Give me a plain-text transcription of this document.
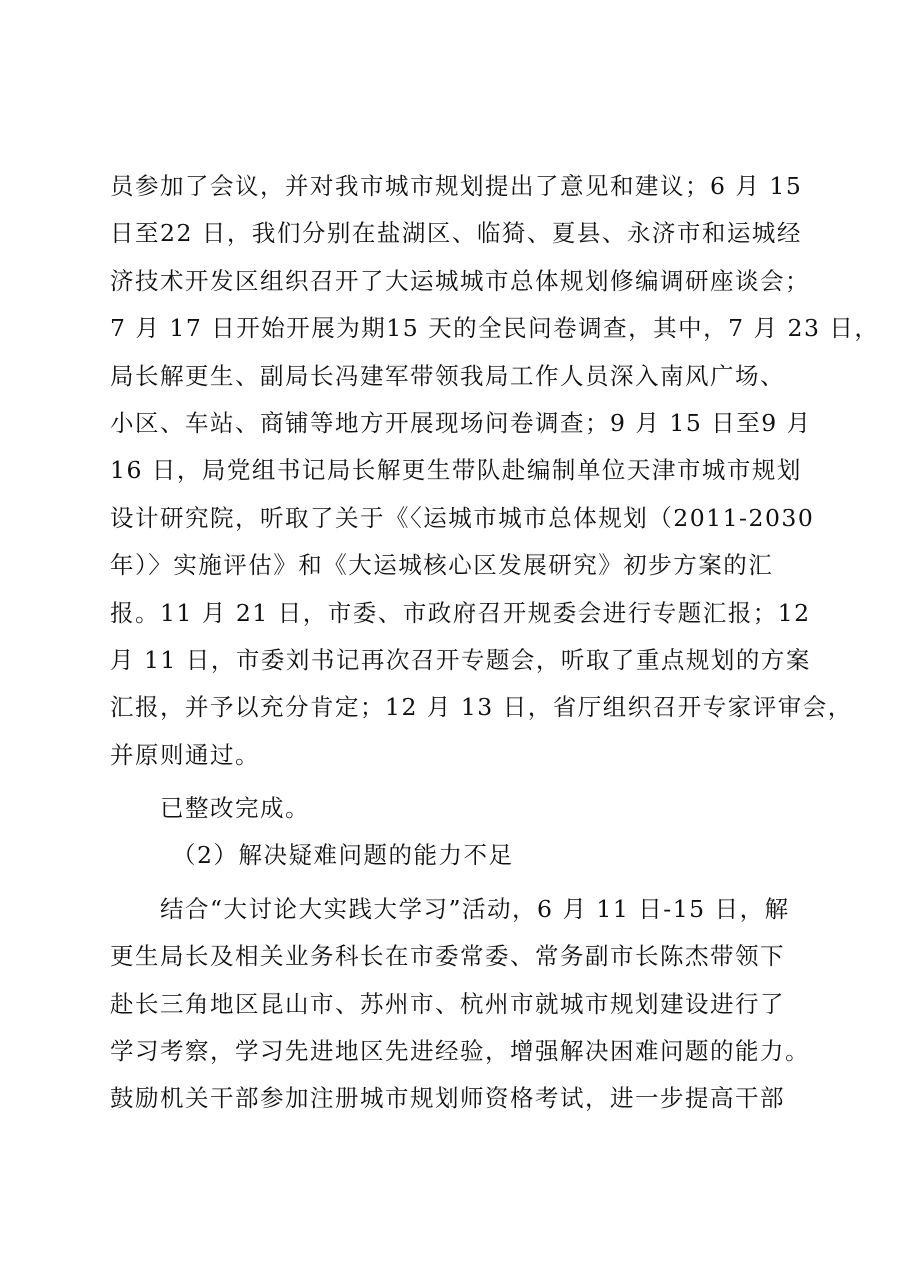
员参加了会议，并对我市城市规划提出了意见和建议；6 月 15
日至22 日，我们分别在盐湖区、临猗、夏县、永济市和运城经
济技术开发区组织召开了大运城城市总体规划修编调研座谈会；
7 月 17 日开始开展为期15 天的全民问卷调查，其中，7 月 23 日，
局长解更生、副局长冯建军带领我局工作人员深入南风广场、
小区、车站、商铺等地方开展现场问卷调查；9 月 15 日至9 月
16 日，局党组书记局长解更生带队赴编制单位天津市城市规划
设计研究院，听取了关于《〈运城市城市总体规划（2011-2030
年）〉实施评估》和《大运城核心区发展研究》初步方案的汇
报。11 月 21 日，市委、市政府召开规委会进行专题汇报；12
月 11 日，市委刘书记再次召开专题会，听取了重点规划的方案
汇报，并予以充分肯定；12 月 13 日，省厅组织召开专家评审会，
并原则通过。
已整改完成。
（2）解决疑难问题的能力不足
结合“大讨论大实践大学习”活动，6 月 11 日-15 日，解
更生局长及相关业务科长在市委常委、常务副市长陈杰带领下
赴长三角地区昆山市、苏州市、杭州市就城市规划建设进行了
学习考察，学习先进地区先进经验，增强解决困难问题的能力。
鼓励机关干部参加注册城市规划师资格考试，进一步提高干部
